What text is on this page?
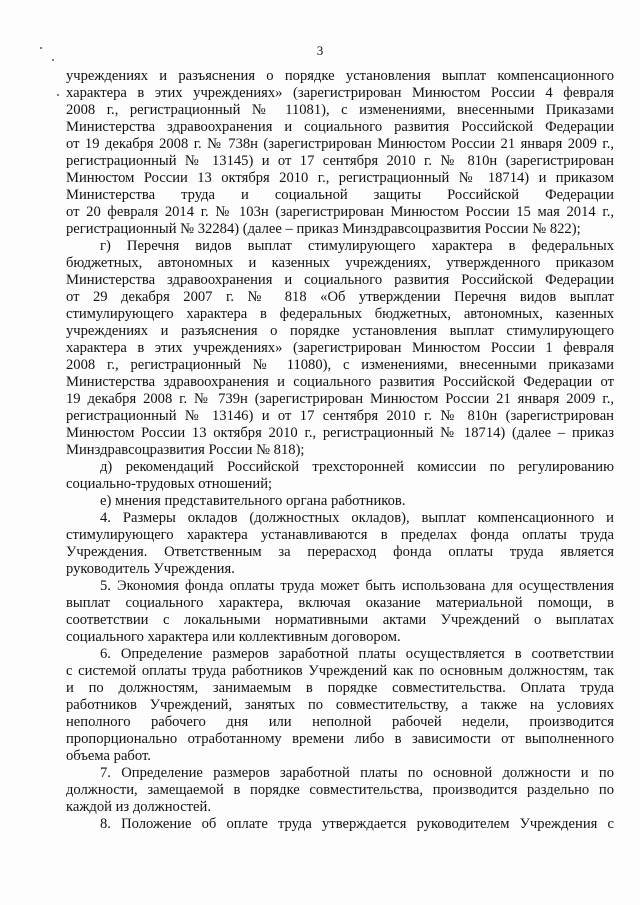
3
учреждениях и разъяснения о порядке установления выплат компенсационного
характера в этих учреждениях» (зарегистрирован Минюстом России 4 февраля
2008 г., регистрационный № 11081), с изменениями, внесенными Приказами
Министерства здравоохранения и социального развития Российской Федерации
от 19 декабря 2008 г. № 738н (зарегистрирован Минюстом России 21 января 2009 г.,
регистрационный № 13145) и от 17 сентября 2010 г. № 810н (зарегистрирован
Минюстом России 13 октября 2010 г., регистрационный № 18714) и приказом
Министерства труда и социальной защиты Российской Федерации
от 20 февраля 2014 г. № 103н (зарегистрирован Минюстом России 15 мая 2014 г.,
регистрационный № 32284) (далее – приказ Минздравсоцразвития России № 822);
г) Перечня видов выплат стимулирующего характера в федеральных
бюджетных, автономных и казенных учреждениях, утвержденного приказом
Министерства здравоохранения и социального развития Российской Федерации
от 29 декабря 2007 г. № 818 «Об утверждении Перечня видов выплат
стимулирующего характера в федеральных бюджетных, автономных, казенных
учреждениях и разъяснения о порядке установления выплат стимулирующего
характера в этих учреждениях» (зарегистрирован Минюстом России 1 февраля
2008 г., регистрационный № 11080), с изменениями, внесенными приказами
Министерства здравоохранения и социального развития Российской Федерации от
19 декабря 2008 г. № 739н (зарегистрирован Минюстом России 21 января 2009 г.,
регистрационный № 13146) и от 17 сентября 2010 г. № 810н (зарегистрирован
Минюстом России 13 октября 2010 г., регистрационный № 18714) (далее – приказ
Минздравсоцразвития России № 818);
д) рекомендаций Российской трехсторонней комиссии по регулированию
социально-трудовых отношений;
е) мнения представительного органа работников.
4. Размеры окладов (должностных окладов), выплат компенсационного и
стимулирующего характера устанавливаются в пределах фонда оплаты труда
Учреждения. Ответственным за перерасход фонда оплаты труда является
руководитель Учреждения.
5. Экономия фонда оплаты труда может быть использована для осуществления
выплат социального характера, включая оказание материальной помощи, в
соответствии с локальными нормативными актами Учреждений о выплатах
социального характера или коллективным договором.
6. Определение размеров заработной платы осуществляется в соответствии
с системой оплаты труда работников Учреждений как по основным должностям, так
и по должностям, занимаемым в порядке совместительства. Оплата труда
работников Учреждений, занятых по совместительству, а также на условиях
неполного рабочего дня или неполной рабочей недели, производится
пропорционально отработанному времени либо в зависимости от выполненного
объема работ.
7. Определение размеров заработной платы по основной должности и по
должности, замещаемой в порядке совместительства, производится раздельно по
каждой из должностей.
8. Положение об оплате труда утверждается руководителем Учреждения с
